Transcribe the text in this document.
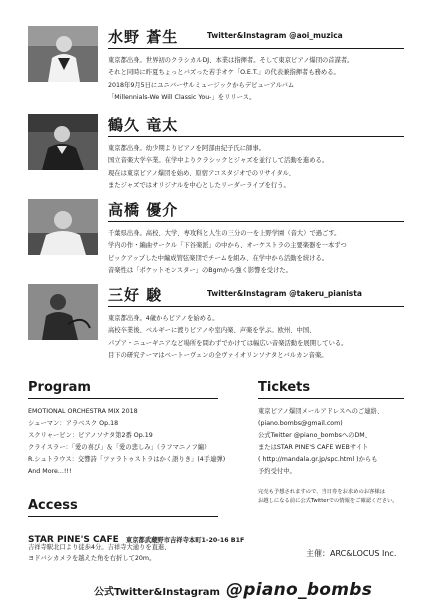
水野 蒼生	Twitter&Instagram @aoi_muzica
東京都出身。世界初のクラシカルDJ、本業は指揮者。そして東京ピアノ爆団の首謀者。
それと同時に昨夏ちょっとバズった若手オケ「O.E.T.」の代表兼指揮者も務める。
2018年9月5日にユニバーサルミュージックからデビューアルバム
「Millennials-We Will Classic You-」をリリース。
鶴久 竜太
東京都出身。幼少期よりピアノを阿部由紀子氏に師事。
国立音楽大学卒業。在学中よりクラシックとジャズを並行して活動を進める。
現在は東京ピアノ爆団を始め、原宿アコスタジオでのリサイタル、
またジャズではオリジナルを中心としたリーダーライブを行う。
高橋 優介
千葉県出身。高校、大学、専攻科と人生の三分の一を上野学園（音大）で過ごす。
学内の作・編曲サークル「下谷楽派」の中から、オーケストラの主要楽器を一本ずつ
ピックアップした中編成管弦楽団でチームを組み、在学中から活動を続ける。
音楽性は「ポケットモンスター」のBgmから強く影響を受けた。
三好 駿	Twitter&Instagram @takeru_pianista
東京都出身。4歳からピアノを始める。
高校卒業後、ベルギーに渡りピアノや室内楽、声楽を学ぶ。欧州、中国、
パプア・ニューギニアなど場所を問わずでかけては幅広い音楽活動を展開している。
目下の研究テーマはベートーヴェンの全ヴァイオリンソナタとバルカン音楽。
Program
EMOTIONAL ORCHESTRA MIX 2018
シューマン：アラベスク Op.18
スクリャービン：ピアノソナタ第2番 Op.19
クライスラー：「愛の喜び」＆「愛の悲しみ」（ラフマニノフ編）
R.シュトラウス：交響詩「ツァラトゥストラはかく語りき」(4手連弾)
And More...!!!
Tickets
東京ピアノ爆団メールアドレスへのご連絡、
(piano.bombs@gmail.com)
公式Twitter @piano_bombsへのDM、
またはSTAR PINE'S CAFE WEBサイト
( http://mandala.gr.jp/spc.html )からも
予約受付中。
完売も予想されますので、当日券をお求めのお客様は
お越しになる前に公式Twitterでの情報をご確認ください。
Access
STAR PINE'S CAFE 東京都武蔵野市吉祥寺本町1-20-16 B1F
吉祥寺駅北口より徒歩4分。吉祥寺大通りを直進、
ヨドバシカメラを越えた角を右折して20m。
主催：ARC&LOCUS Inc.
公式Twitter&Instagram @piano_bombs
